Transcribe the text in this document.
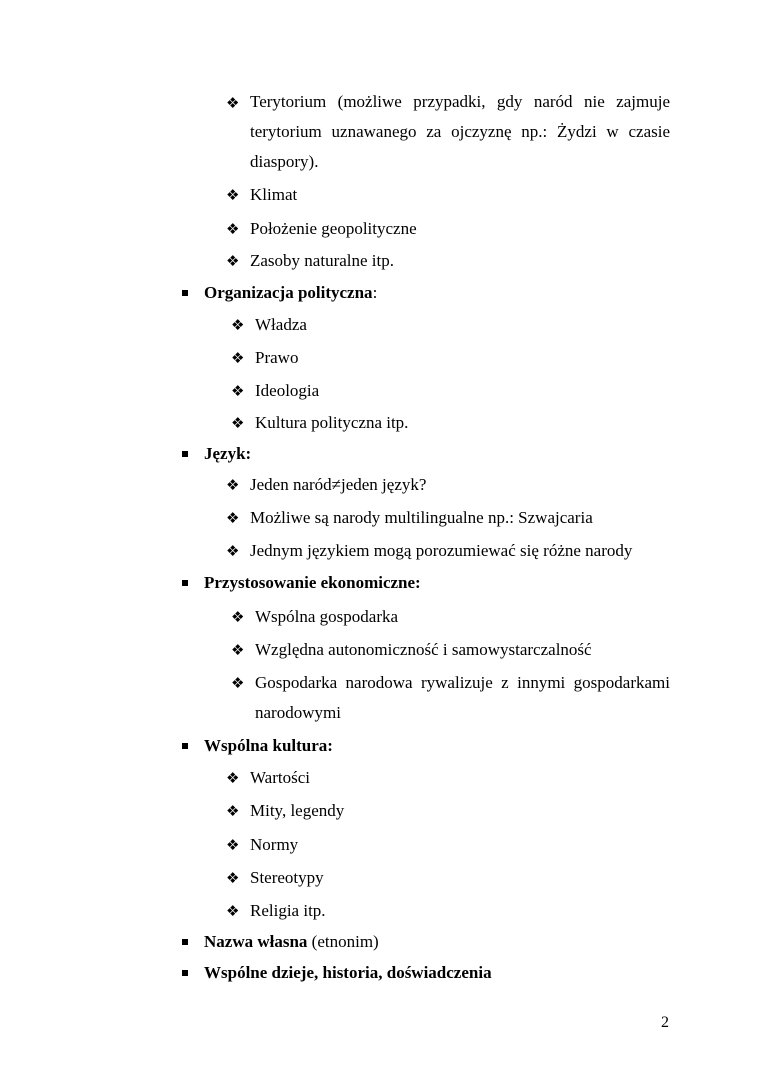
❖ Terytorium (możliwe przypadki, gdy naród nie zajmuje
terytorium uznawanego za ojczyznę np.: Żydzi w czasie
diaspory).
❖ Klimat
❖ Położenie geopolityczne
❖ Zasoby naturalne itp.
Organizacja polityczna:
❖ Władza
❖ Prawo
❖ Ideologia
❖ Kultura polityczna itp.
Język:
❖ Jeden naród≠jeden język?
❖ Możliwe są narody multilingualne np.: Szwajcaria
❖ Jednym językiem mogą porozumiewać się różne narody
Przystosowanie ekonomiczne:
❖ Wspólna gospodarka
❖ Względna autonomiczność i samowystarczalność
❖ Gospodarka narodowa rywalizuje z innymi gospodarkami
narodowymi
Wspólna kultura:
❖ Wartości
❖ Mity, legendy
❖ Normy
❖ Stereotypy
❖ Religia itp.
Nazwa własna (etnonim)
Wspólne dzieje, historia, doświadczenia
2
